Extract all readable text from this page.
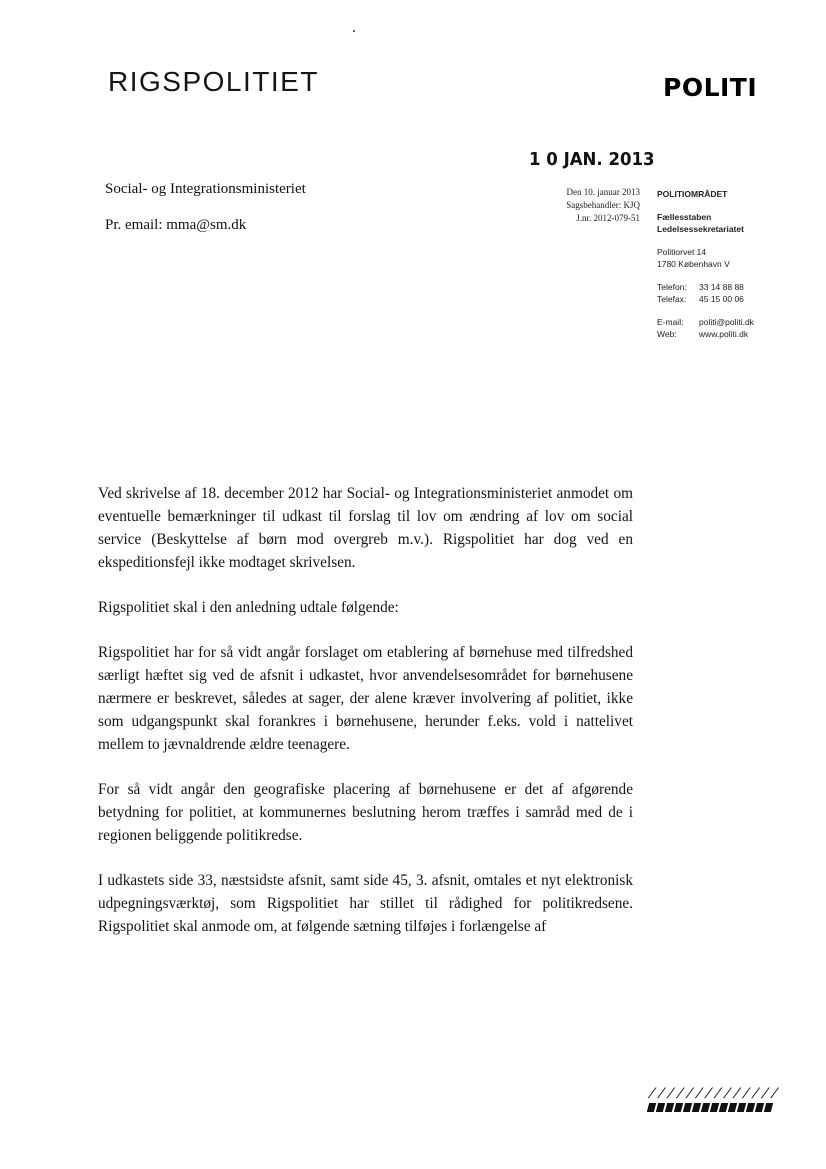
RIGSPOLITIET	POLITI
1 0 JAN. 2013
Social- og Integrationsministeriet
Pr. email: mma@sm.dk
Den 10. januar 2013
Sagsbehandler: KJQ
J.nr. 2012-079-51
POLITIOMRÅDET
Fællesstaben
Ledelsessekretariatet
Politiorvet 14
1780 København V
Telefon:	33 14 88 88
Telefax:	45 15 00 06
E-mail:	politi@politi.dk
Web:	www.politi.dk

Ved skrivelse af 18. december 2012 har Social- og Integrationsministeriet anmodet om eventuelle bemærkninger til udkast til forslag til lov om ændring af lov om social service (Beskyttelse af børn mod overgreb m.v.). Rigspolitiet har dog ved en ekspeditionsfejl ikke modtaget skrivelsen.

Rigspolitiet skal i den anledning udtale følgende:

Rigspolitiet har for så vidt angår forslaget om etablering af børnehuse med tilfredshed særligt hæftet sig ved de afsnit i udkastet, hvor anvendelsesområdet for børnehusene nærmere er beskrevet, således at sager, der alene kræver involvering af politiet, ikke som udgangspunkt skal forankres i børnehusene, herunder f.eks. vold i nattelivet mellem to jævnaldrende ældre teenagere.

For så vidt angår den geografiske placering af børnehusene er det af afgørende betydning for politiet, at kommunernes beslutning herom træffes i samråd med de i regionen beliggende politikredse.

I udkastets side 33, næstsidste afsnit, samt side 45, 3. afsnit, omtales et nyt elektronisk udpegningsværktøj, som Rigspolitiet har stillet til rådighed for politikredsene. Rigspolitiet skal anmode om, at følgende sætning tilføjes i forlængelse af

//////////////
